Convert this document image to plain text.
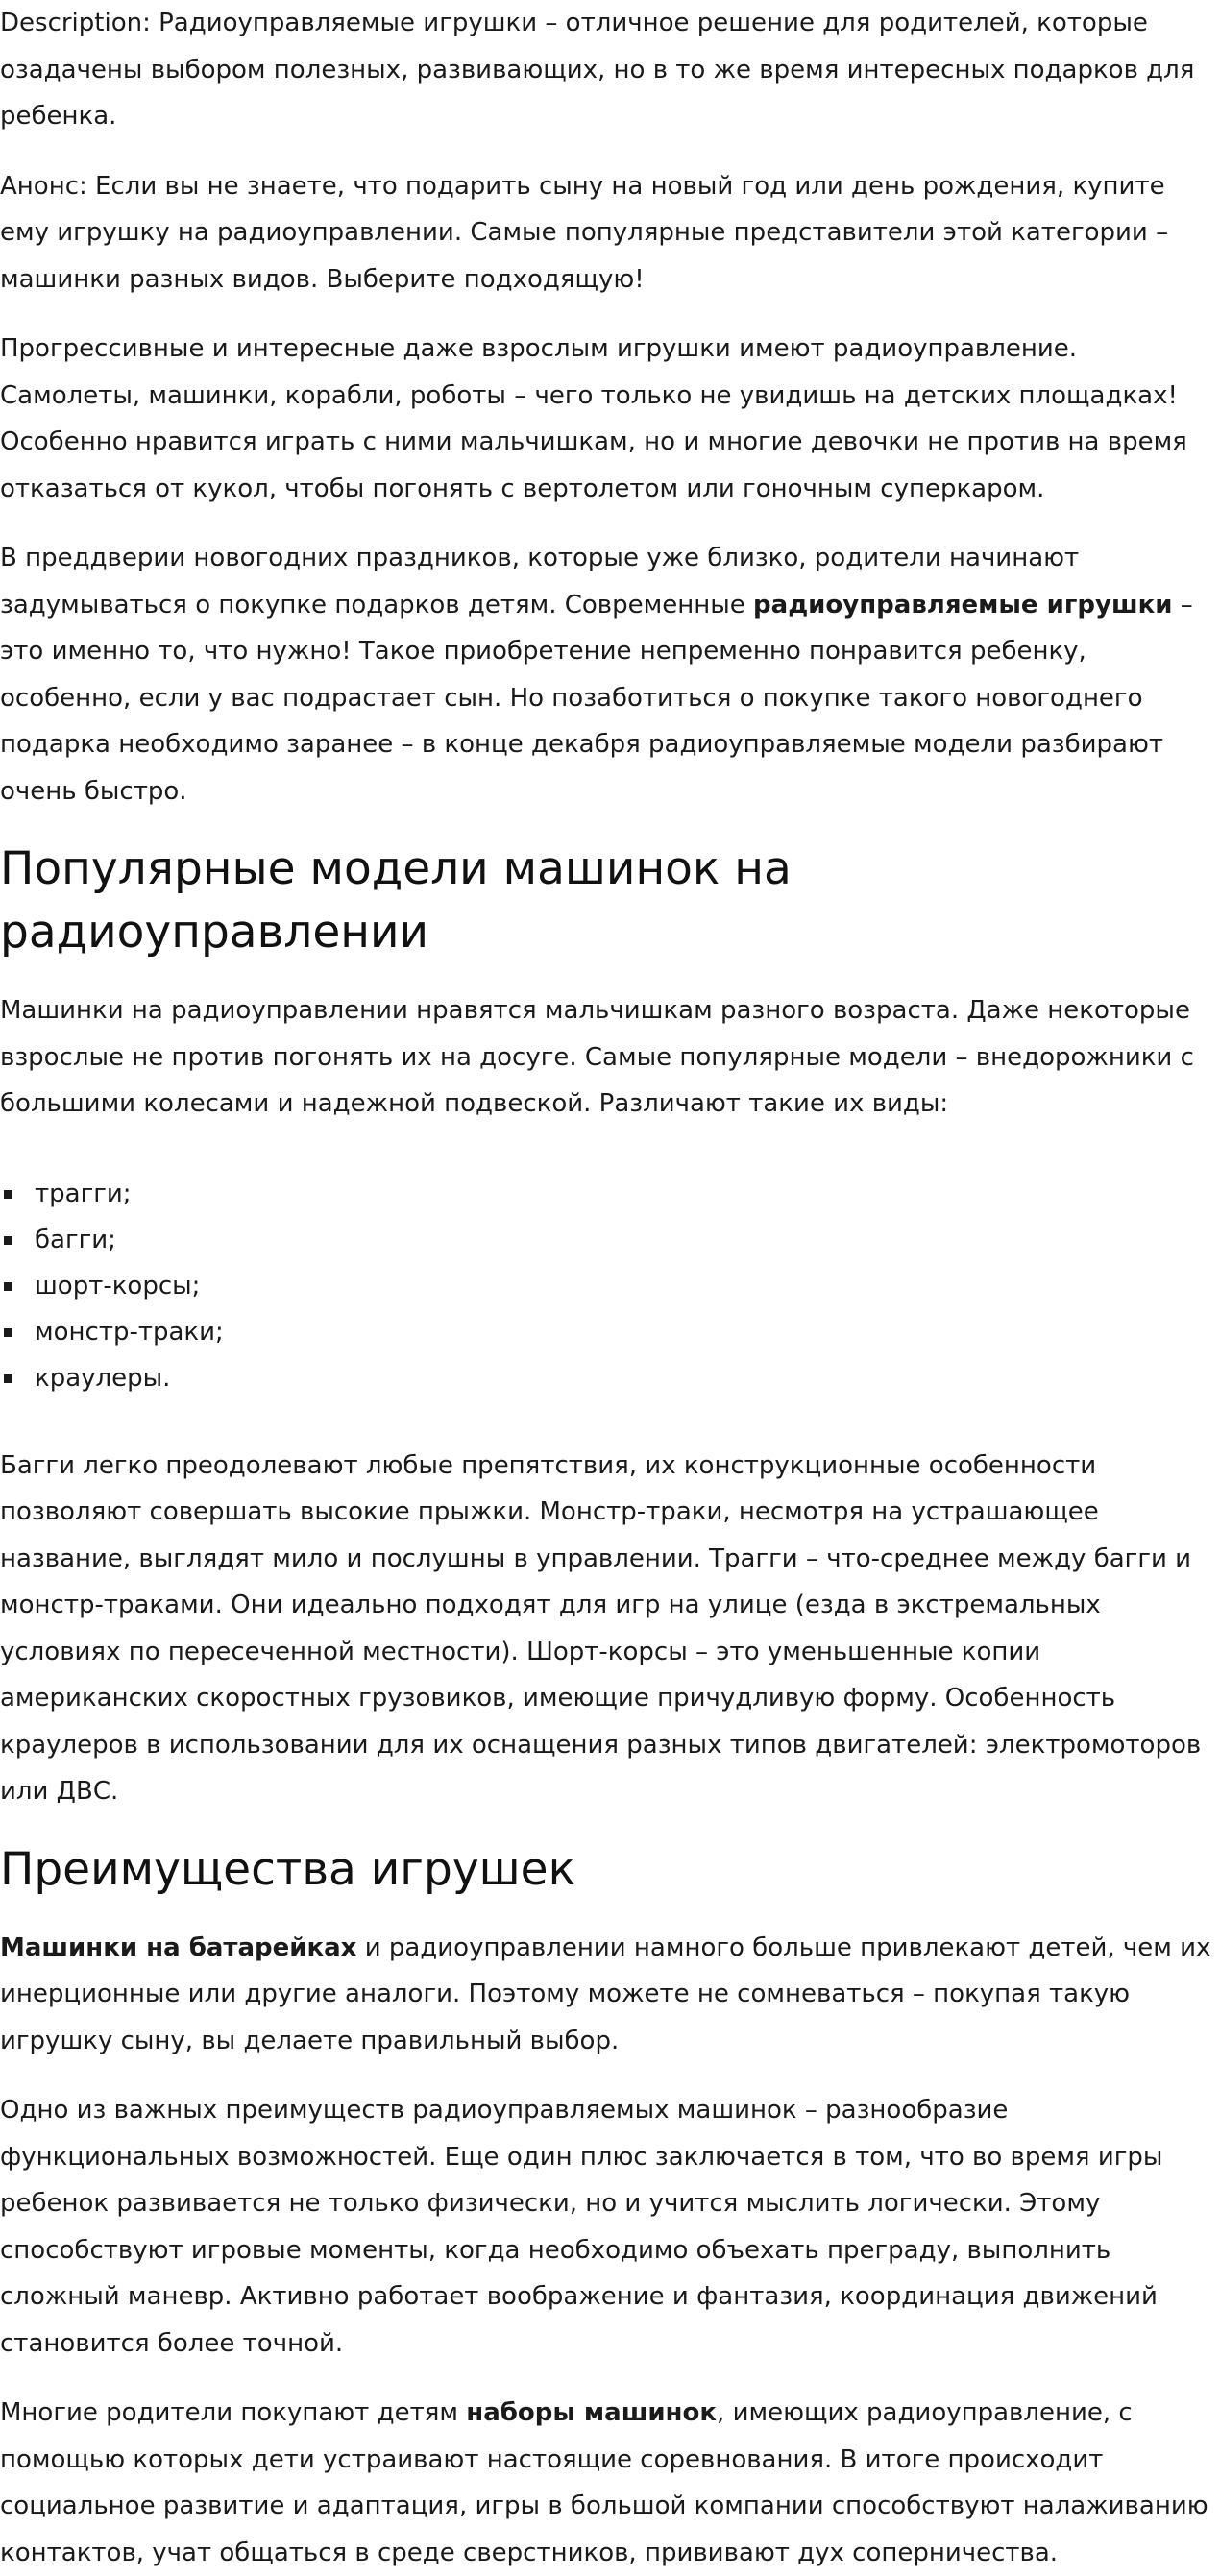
Description: Радиоуправляемые игрушки – отличное решение для родителей, которые озадачены выбором полезных, развивающих, но в то же время интересных подарков для ребенка.

Анонс: Если вы не знаете, что подарить сыну на новый год или день рождения, купите ему игрушку на радиоуправлении. Самые популярные представители этой категории – машинки разных видов. Выберите подходящую!

Прогрессивные и интересные даже взрослым игрушки имеют радиоуправление. Самолеты, машинки, корабли, роботы – чего только не увидишь на детских площадках! Особенно нравится играть с ними мальчишкам, но и многие девочки не против на время отказаться от кукол, чтобы погонять с вертолетом или гоночным суперкаром.

В преддверии новогодних праздников, которые уже близко, родители начинают задумываться о покупке подарков детям. Современные радиоуправляемые игрушки – это именно то, что нужно! Такое приобретение непременно понравится ребенку, особенно, если у вас подрастает сын. Но позаботиться о покупке такого новогоднего подарка необходимо заранее – в конце декабря радиоуправляемые модели разбирают очень быстро.

Популярные модели машинок на радиоуправлении

Машинки на радиоуправлении нравятся мальчишкам разного возраста. Даже некоторые взрослые не против погонять их на досуге. Самые популярные модели – внедорожники с большими колесами и надежной подвеской. Различают такие их виды:

трагги;
багги;
шорт-корсы;
монстр-траки;
краулеры.

Багги легко преодолевают любые препятствия, их конструкционные особенности позволяют совершать высокие прыжки. Монстр-траки, несмотря на устрашающее название, выглядят мило и послушны в управлении. Трагги – что-среднее между багги и монстр-траками. Они идеально подходят для игр на улице (езда в экстремальных условиях по пересеченной местности). Шорт-корсы – это уменьшенные копии американских скоростных грузовиков, имеющие причудливую форму. Особенность краулеров в использовании для их оснащения разных типов двигателей: электромоторов или ДВС.

Преимущества игрушек

Машинки на батарейках и радиоуправлении намного больше привлекают детей, чем их инерционные или другие аналоги. Поэтому можете не сомневаться – покупая такую игрушку сыну, вы делаете правильный выбор.

Одно из важных преимуществ радиоуправляемых машинок – разнообразие функциональных возможностей. Еще один плюс заключается в том, что во время игры ребенок развивается не только физически, но и учится мыслить логически. Этому способствуют игровые моменты, когда необходимо объехать преграду, выполнить сложный маневр. Активно работает воображение и фантазия, координация движений становится более точной.

Многие родители покупают детям наборы машинок, имеющих радиоуправление, с помощью которых дети устраивают настоящие соревнования. В итоге происходит социальное развитие и адаптация, игры в большой компании способствуют налаживанию контактов, учат общаться в среде сверстников, прививают дух соперничества.
